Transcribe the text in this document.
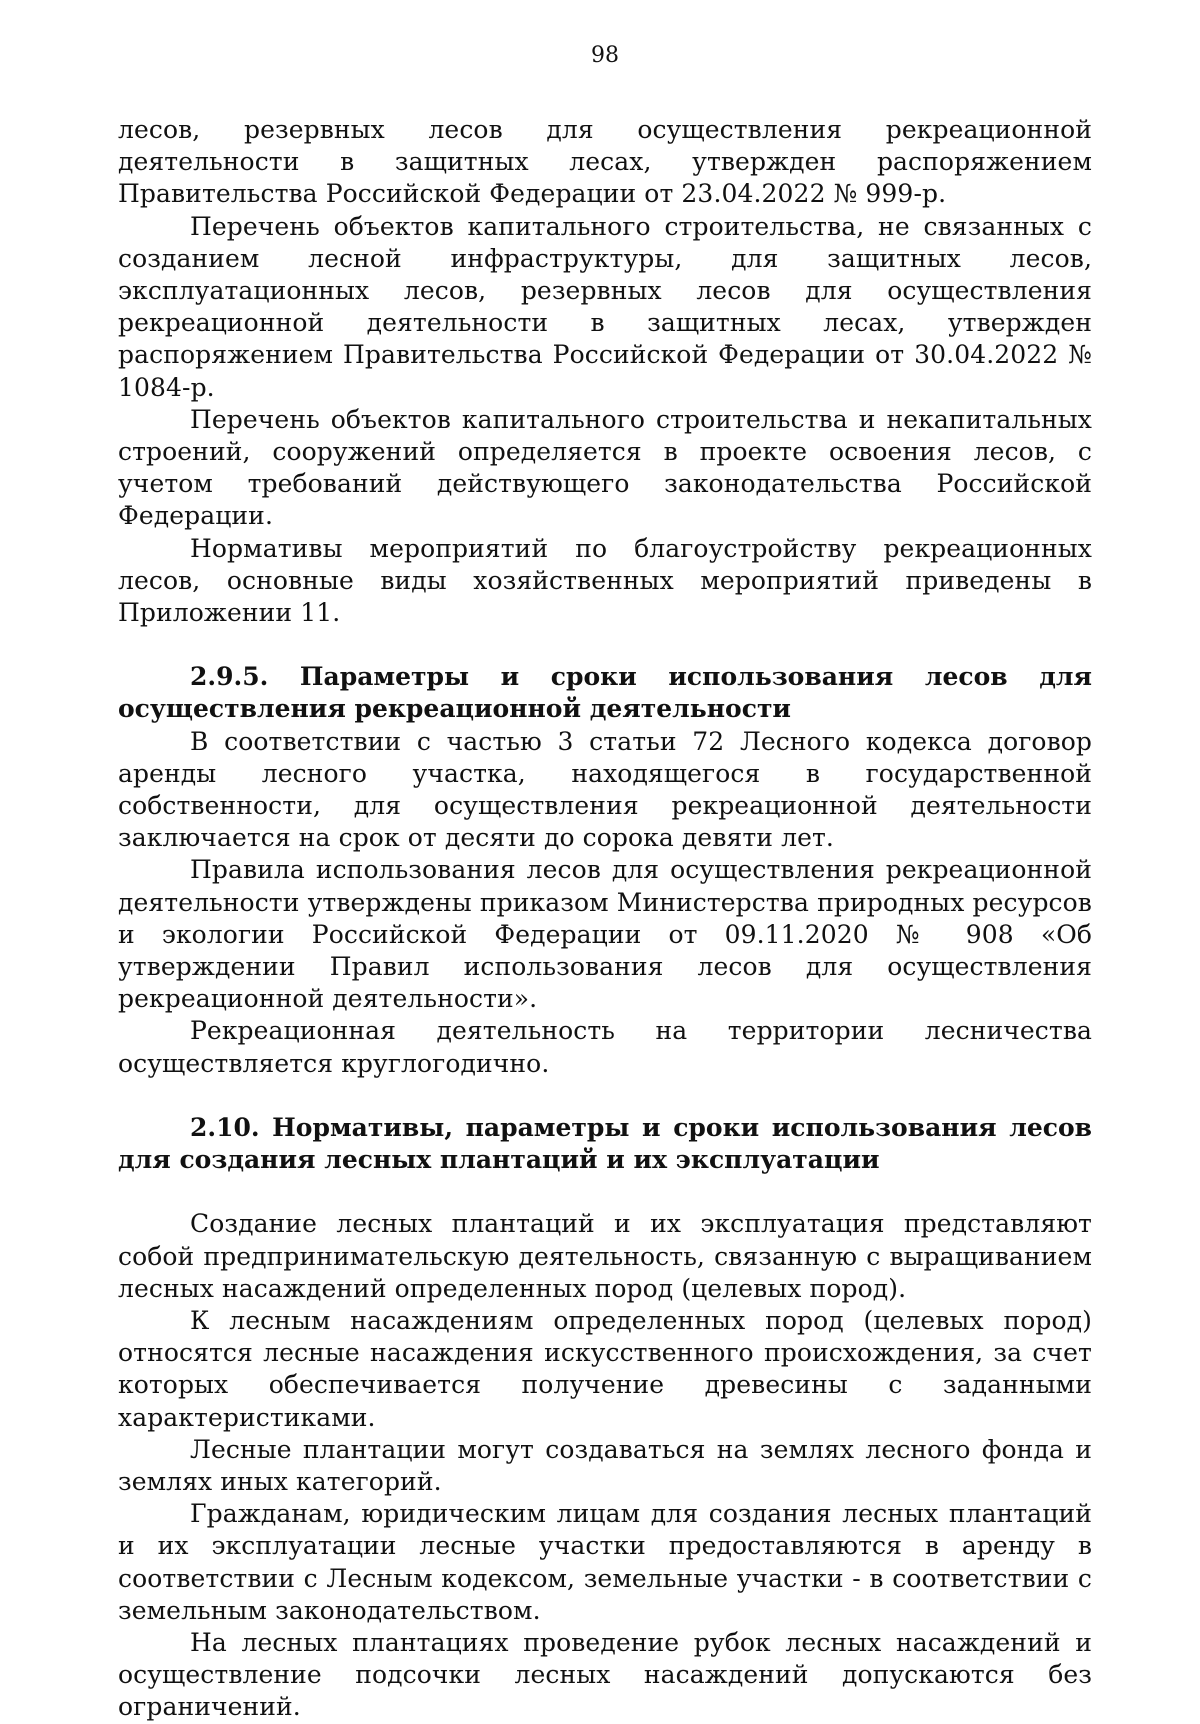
98

лесов, резервных лесов для осуществления рекреационной деятельности в защитных лесах, утвержден распоряжением Правительства Российской Федерации от 23.04.2022 № 999-р.

Перечень объектов капитального строительства, не связанных с созданием лесной инфраструктуры, для защитных лесов, эксплуатационных лесов, резервных лесов для осуществления рекреационной деятельности в защитных лесах, утвержден распоряжением Правительства Российской Федерации от 30.04.2022 № 1084-р.

Перечень объектов капитального строительства и некапитальных строений, сооружений определяется в проекте освоения лесов, с учетом требований действующего законодательства Российской Федерации.

Нормативы мероприятий по благоустройству рекреационных лесов, основные виды хозяйственных мероприятий приведены в Приложении 11.

2.9.5. Параметры и сроки использования лесов для осуществления рекреационной деятельности

В соответствии с частью 3 статьи 72 Лесного кодекса договор аренды лесного участка, находящегося в государственной собственности, для осуществления рекреационной деятельности заключается на срок от десяти до сорока девяти лет.

Правила использования лесов для осуществления рекреационной деятельности утверждены приказом Министерства природных ресурсов и экологии Российской Федерации от 09.11.2020 № 908 «Об утверждении Правил использования лесов для осуществления рекреационной деятельности».

Рекреационная деятельность на территории лесничества осуществляется круглогодично.

2.10. Нормативы, параметры и сроки использования лесов для создания лесных плантаций и их эксплуатации

Создание лесных плантаций и их эксплуатация представляют собой предпринимательскую деятельность, связанную с выращиванием лесных насаждений определенных пород (целевых пород).

К лесным насаждениям определенных пород (целевых пород) относятся лесные насаждения искусственного происхождения, за счет которых обеспечивается получение древесины с заданными характеристиками.

Лесные плантации могут создаваться на землях лесного фонда и землях иных категорий.

Гражданам, юридическим лицам для создания лесных плантаций и их эксплуатации лесные участки предоставляются в аренду в соответствии с Лесным кодексом, земельные участки - в соответствии с земельным законодательством.

На лесных плантациях проведение рубок лесных насаждений и осуществление подсочки лесных насаждений допускаются без ограничений.
